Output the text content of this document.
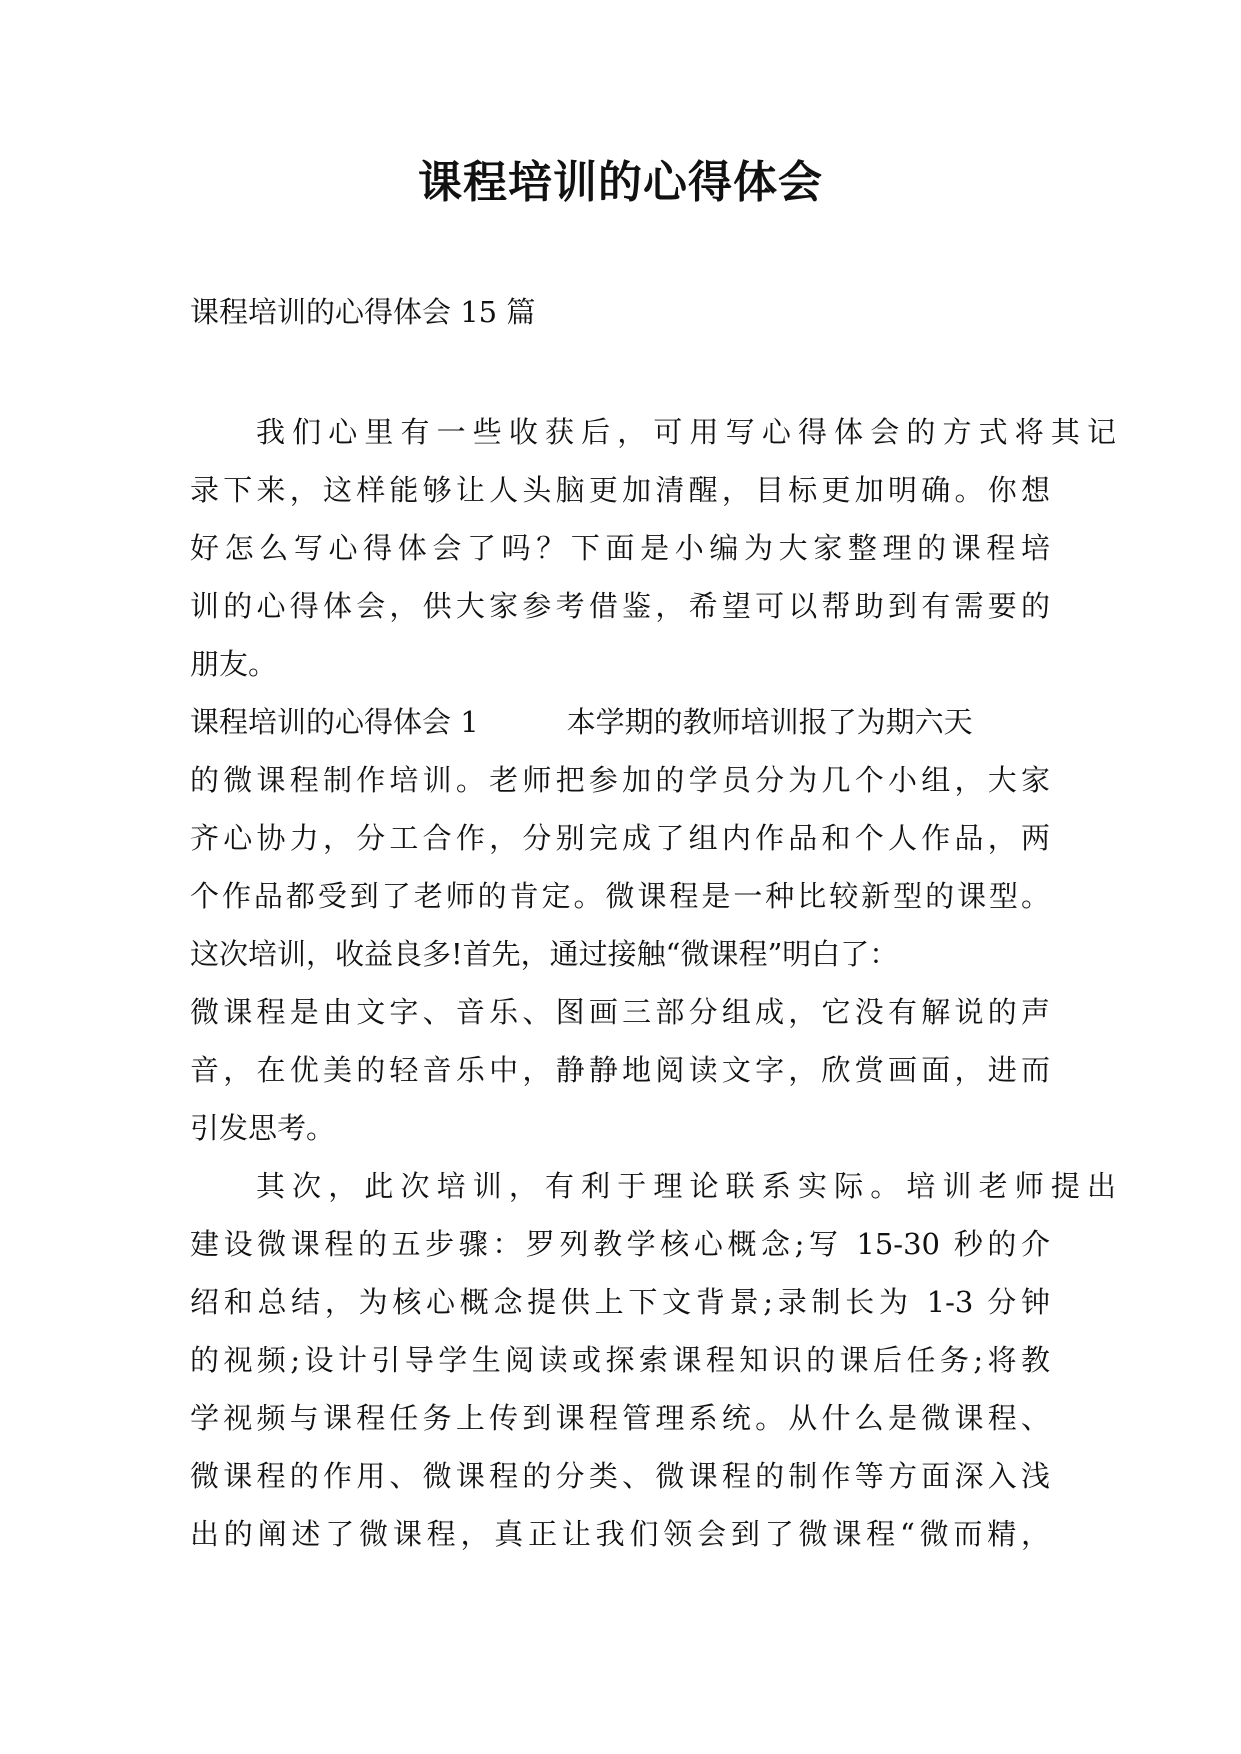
课程培训的心得体会
课程培训的心得体会 15 篇
我们心里有一些收获后，可用写心得体会的方式将其记
录下来，这样能够让人头脑更加清醒，目标更加明确。你想
好怎么写心得体会了吗？下面是小编为大家整理的课程培
训的心得体会，供大家参考借鉴，希望可以帮助到有需要的
朋友。
课程培训的心得体会 1	本学期的教师培训报了为期六天
的微课程制作培训。老师把参加的学员分为几个小组，大家
齐心协力，分工合作，分别完成了组内作品和个人作品，两
个作品都受到了老师的肯定。微课程是一种比较新型的课型。
这次培训，收益良多!首先，通过接触“微课程”明白了：
微课程是由文字、音乐、图画三部分组成，它没有解说的声
音，在优美的轻音乐中，静静地阅读文字，欣赏画面，进而
引发思考。
其次，此次培训，有利于理论联系实际。培训老师提出
建设微课程的五步骤：罗列教学核心概念;写 15-30 秒的介
绍和总结，为核心概念提供上下文背景;录制长为 1-3 分钟
的视频;设计引导学生阅读或探索课程知识的课后任务;将教
学视频与课程任务上传到课程管理系统。从什么是微课程、
微课程的作用、微课程的分类、微课程的制作等方面深入浅
出的阐述了微课程，真正让我们领会到了微课程“微而精，
